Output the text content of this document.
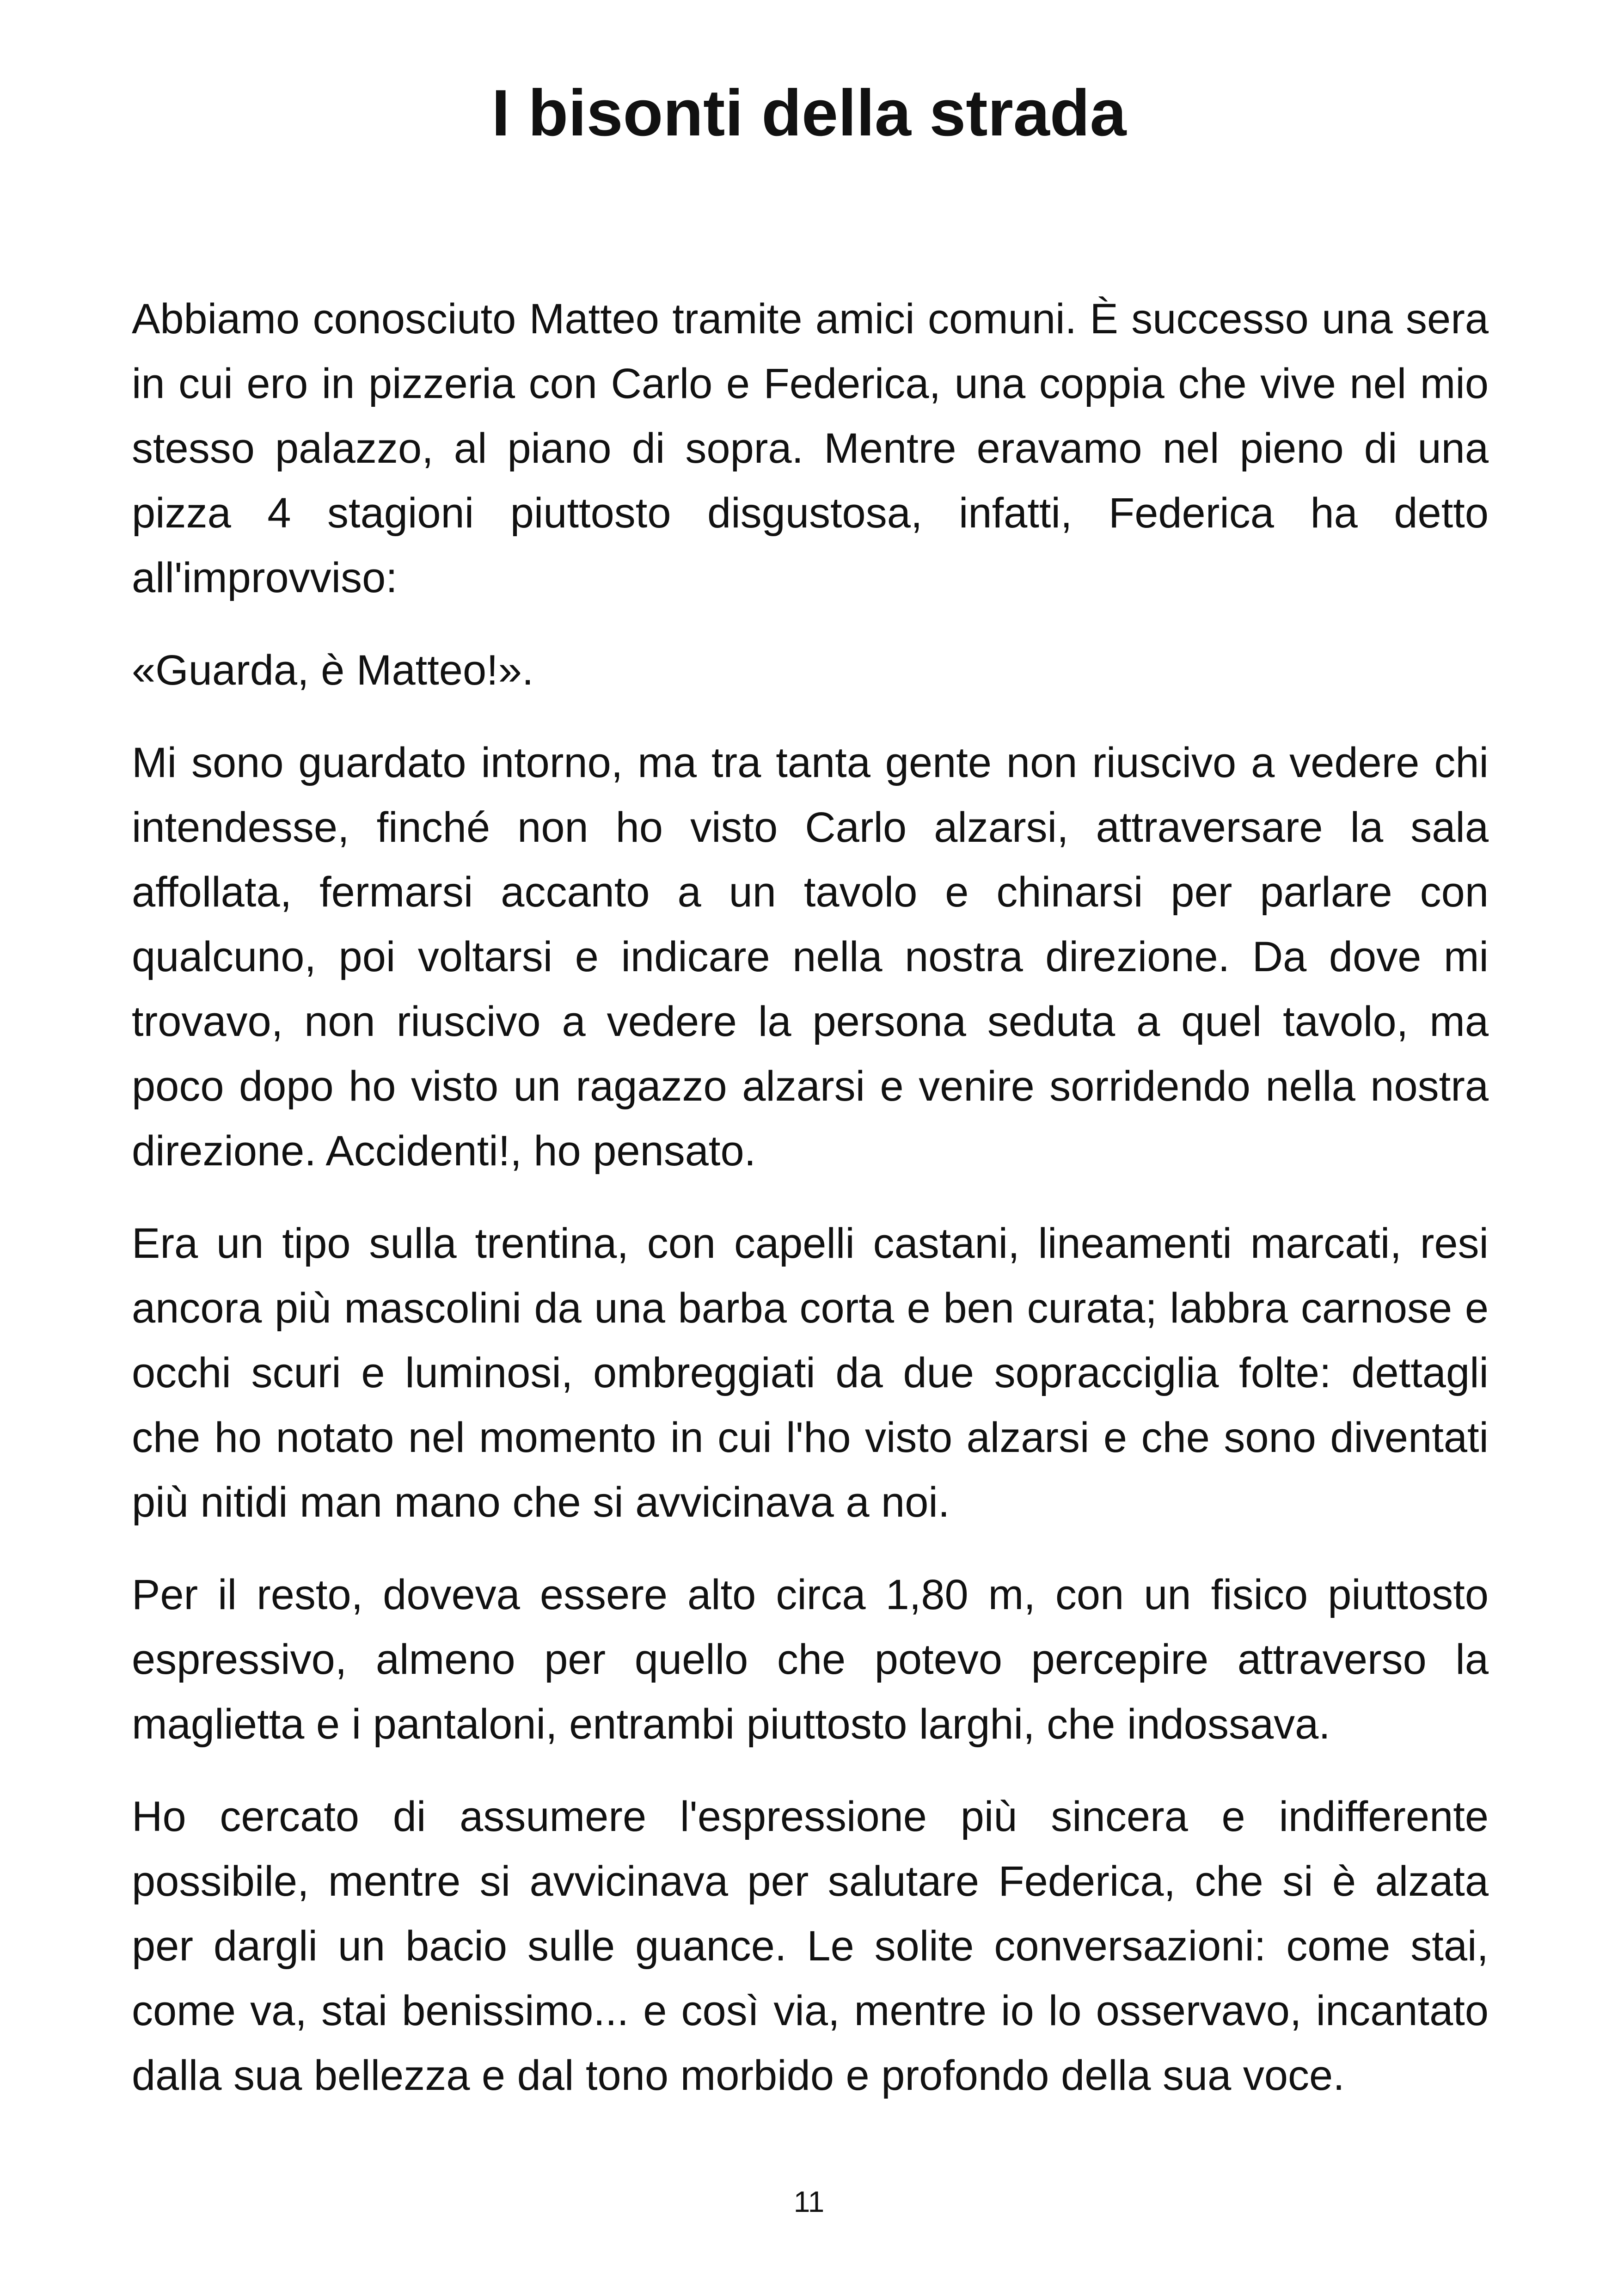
I bisonti della strada

Abbiamo conosciuto Matteo tramite amici comuni. È successo una sera in cui ero in pizzeria con Carlo e Federica, una coppia che vive nel mio stesso palazzo, al piano di sopra. Mentre eravamo nel pieno di una pizza 4 stagioni piuttosto disgustosa, infatti, Federica ha detto all'improvviso:

«Guarda, è Matteo!».

Mi sono guardato intorno, ma tra tanta gente non riuscivo a vedere chi intendesse, finché non ho visto Carlo alzarsi, attraversare la sala affollata, fermarsi accanto a un tavolo e chinarsi per parlare con qualcuno, poi voltarsi e indicare nella nostra direzione. Da dove mi trovavo, non riuscivo a vedere la persona seduta a quel tavolo, ma poco dopo ho visto un ragazzo alzarsi e venire sorridendo nella nostra direzione. Accidenti!, ho pensato.

Era un tipo sulla trentina, con capelli castani, lineamenti marcati, resi ancora più mascolini da una barba corta e ben curata; labbra carnose e occhi scuri e luminosi, ombreggiati da due sopracciglia folte: dettagli che ho notato nel momento in cui l'ho visto alzarsi e che sono diventati più nitidi man mano che si avvicinava a noi.

Per il resto, doveva essere alto circa 1,80 m, con un fisico piuttosto espressivo, almeno per quello che potevo percepire attraverso la maglietta e i pantaloni, entrambi piuttosto larghi, che indossava.

Ho cercato di assumere l'espressione più sincera e indifferente possibile, mentre si avvicinava per salutare Federica, che si è alzata per dargli un bacio sulle guance. Le solite conversazioni: come stai, come va, stai benissimo... e così via, mentre io lo osservavo, incantato dalla sua bellezza e dal tono morbido e profondo della sua voce.

11
